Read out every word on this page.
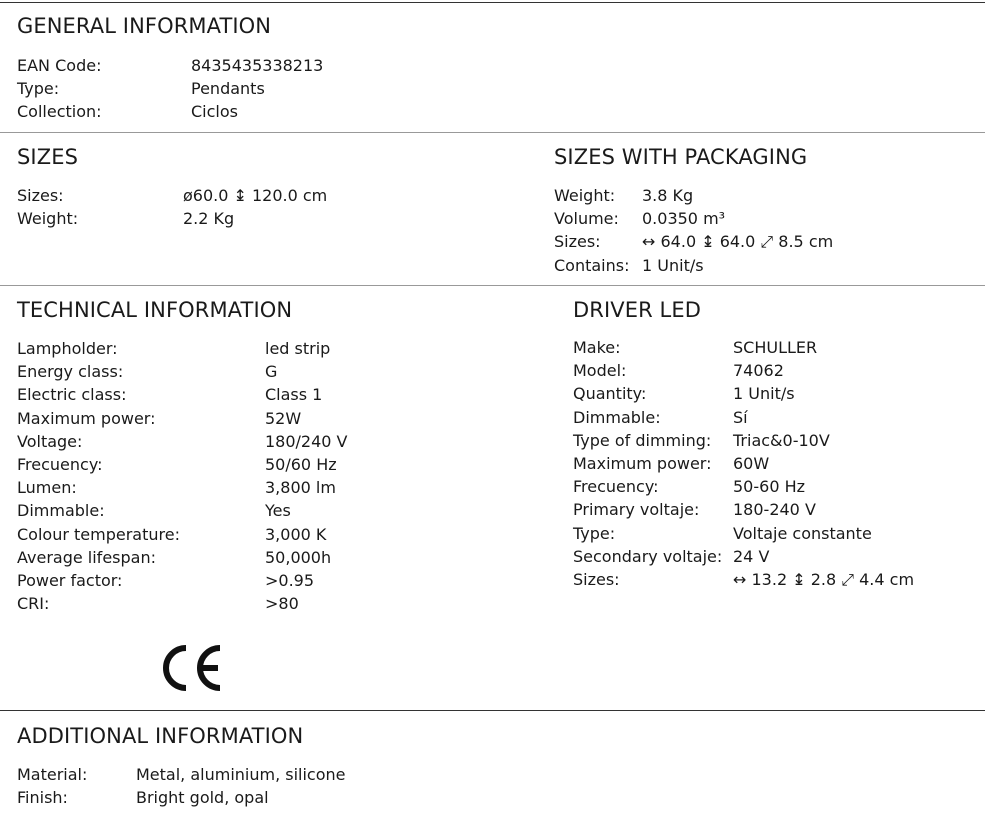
GENERAL INFORMATION
EAN Code:	8435435338213
Type:	Pendants
Collection:	Ciclos
SIZES
Sizes:	ø60.0 ↨ 120.0 cm
Weight:	2.2 Kg
SIZES WITH PACKAGING
Weight:	3.8 Kg
Volume:	0.0350 m³
Sizes:	↔ 64.0 ↨ 64.0 ⤢ 8.5 cm
Contains: 1 Unit/s
TECHNICAL INFORMATION
Lampholder:	led strip
Energy class:	G
Electric class:	Class 1
Maximum power:	52W
Voltage:	180/240 V
Frecuency:	50/60 Hz
Lumen:	3,800 lm
Dimmable:	Yes
Colour temperature:	3,000 K
Average lifespan:	50,000h
Power factor:	>0.95
CRI:	>80
DRIVER LED
Make:	SCHULLER
Model:	74062
Quantity:	1 Unit/s
Dimmable:	Sí
Type of dimming:	Triac&0-10V
Maximum power:	60W
Frecuency:	50-60 Hz
Primary voltaje:	180-240 V
Type:	Voltaje constante
Secondary voltaje: 24 V
Sizes:	↔ 13.2 ↨ 2.8 ⤢ 4.4 cm
ADDITIONAL INFORMATION
Material:	Metal, aluminium, silicone
Finish:	Bright gold, opal
